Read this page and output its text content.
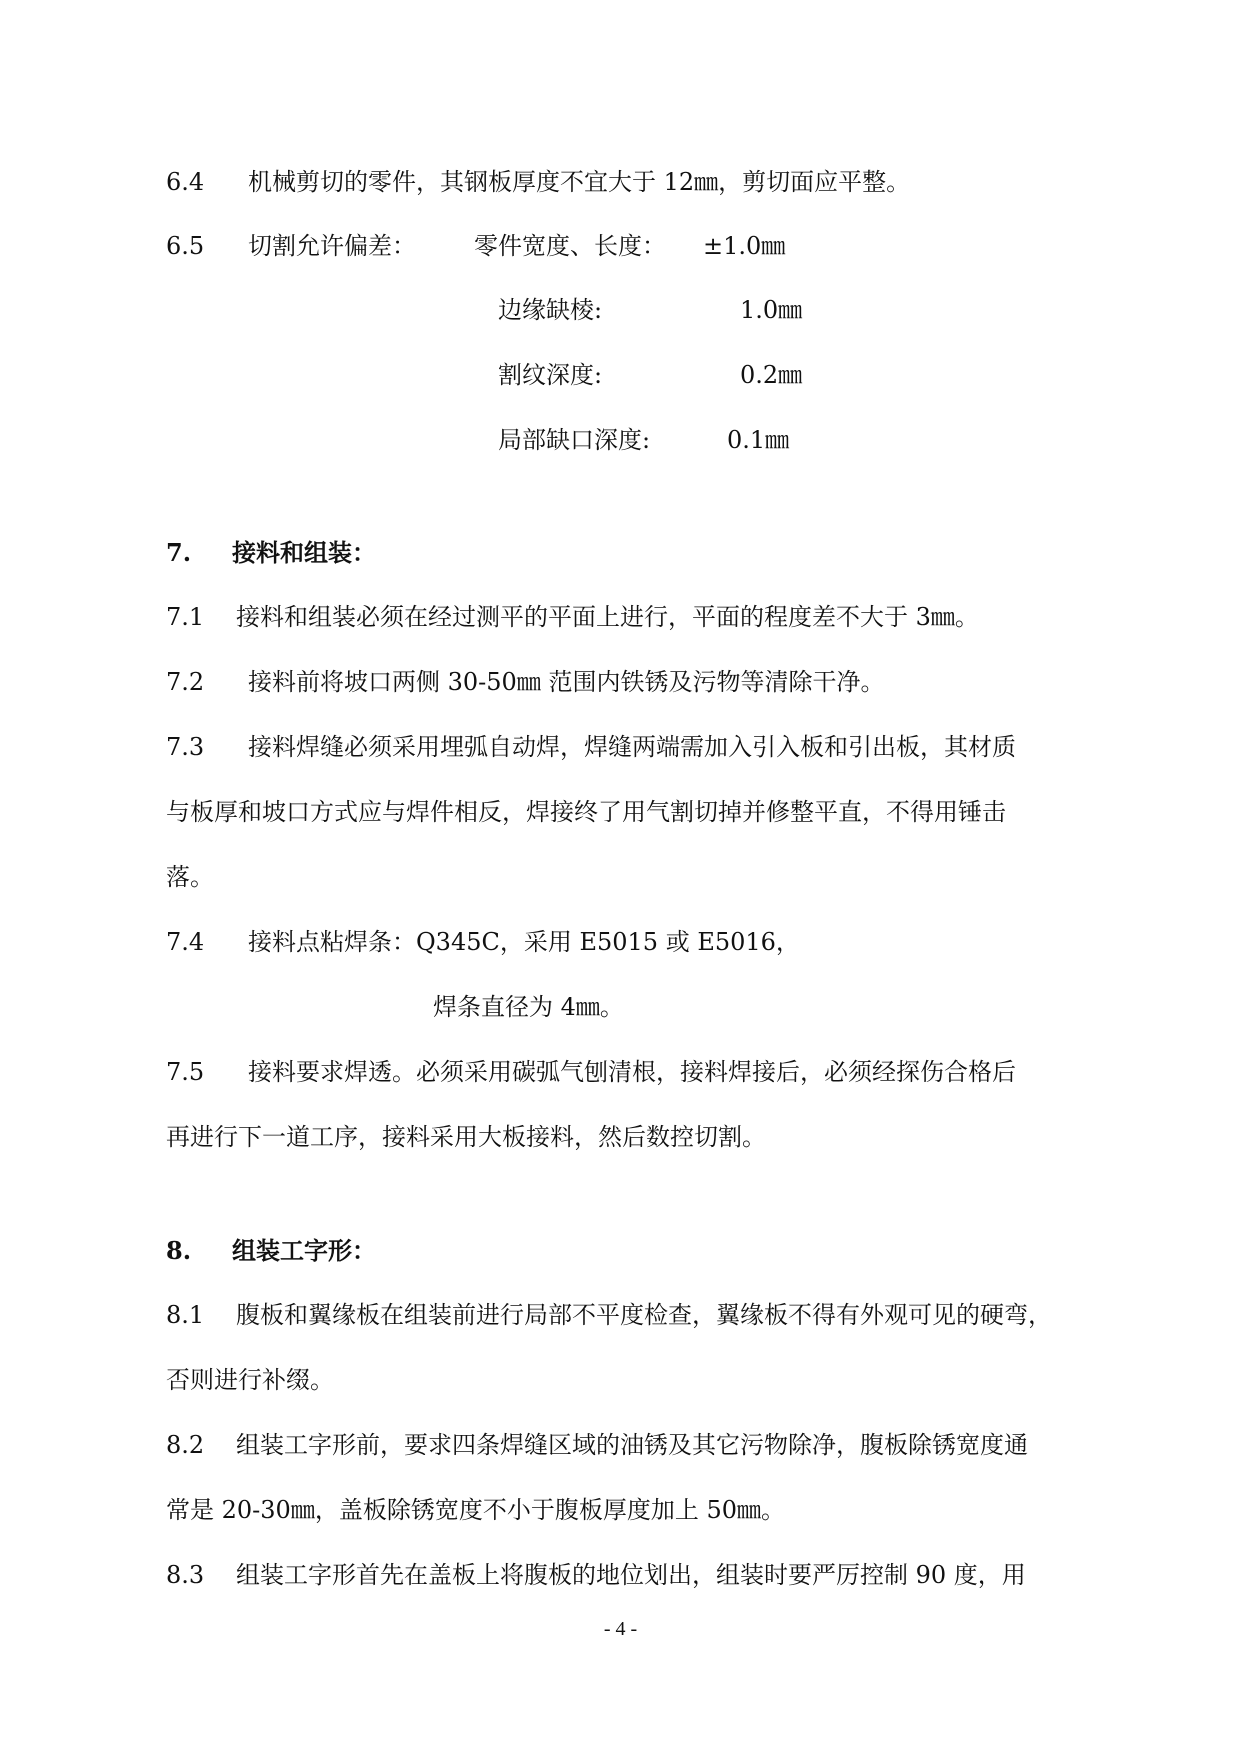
6.4 机械剪切的零件，其钢板厚度不宜大于 12㎜，剪切面应平整。
6.5 切割允许偏差： 零件宽度、长度： ±1.0㎜
边缘缺棱:	1.0㎜
割纹深度:	0.2㎜
局部缺口深度:	0.1㎜
7. 接料和组装：
7.1 接料和组装必须在经过测平的平面上进行，平面的程度差不大于 3㎜。
7.2 接料前将坡口两侧 30-50㎜ 范围内铁锈及污物等清除干净。
7.3 接料焊缝必须采用埋弧自动焊，焊缝两端需加入引入板和引出板，其材质
与板厚和坡口方式应与焊件相反，焊接终了用气割切掉并修整平直，不得用锤击
落。
7.4 接料点粘焊条：Q345C，采用 E5015 或 E5016，
焊条直径为 4㎜。
7.5 接料要求焊透。必须采用碳弧气刨清根，接料焊接后，必须经探伤合格后
再进行下一道工序，接料采用大板接料，然后数控切割。
8. 组装工字形：
8.1 腹板和翼缘板在组装前进行局部不平度检查，翼缘板不得有外观可见的硬弯，
否则进行补缀。
8.2 组装工字形前，要求四条焊缝区域的油锈及其它污物除净，腹板除锈宽度通
常是 20-30㎜，盖板除锈宽度不小于腹板厚度加上 50㎜。
8.3 组装工字形首先在盖板上将腹板的地位划出，组装时要严厉控制 90 度，用
- 4 -
